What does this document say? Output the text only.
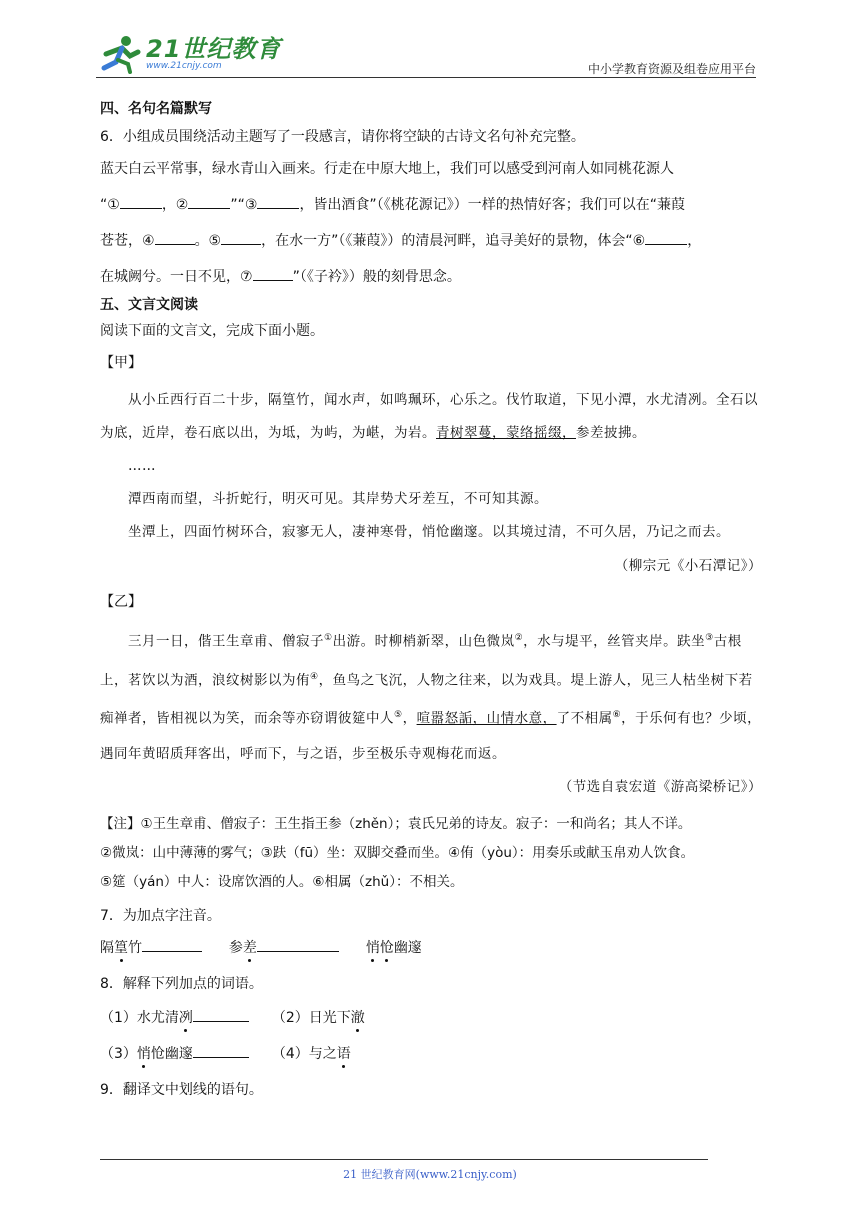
21世纪教育
www.21cnjy.com	中小学教育资源及组卷应用平台

四、名句名篇默写

6．小组成员围绕活动主题写了一段感言，请你将空缺的古诗文名句补充完整。

蓝天白云平常事，绿水青山入画来。行走在中原大地上，我们可以感受到河南人如同桃花源人

“①	，②	”“③	，皆出酒食”（《桃花源记》）一样的热情好客；我们可以在“蒹葭

苍苍，④	。⑤	，在水一方”（《蒹葭》）的清晨河畔，追寻美好的景物，体会“⑥	，

在城阙兮。一日不见，⑦	”（《子衿》）般的刻骨思念。

五、文言文阅读

阅读下面的文言文，完成下面小题。

【甲】

从小丘西行百二十步，隔篁竹，闻水声，如鸣珮环，心乐之。伐竹取道，下见小潭，水尤清冽。全石以为底，近岸，卷石底以出，为坻，为屿，为嵁，为岩。青树翠蔓，蒙络摇缀，参差披拂。

……

潭西南而望，斗折蛇行，明灭可见。其岸势犬牙差互，不可知其源。

坐潭上，四面竹树环合，寂寥无人，凄神寒骨，悄怆幽邃。以其境过清，不可久居，乃记之而去。

（柳宗元《小石潭记》）

【乙】

三月一日，偕王生章甫、僧寂子①出游。时柳梢新翠，山色微岚②，水与堤平，丝管夹岸。趺坐③古根上，茗饮以为酒，浪纹树影以为侑④，鱼鸟之飞沉，人物之往来，以为戏具。堤上游人，见三人枯坐树下若痴禅者，皆相视以为笑，而余等亦窃谓彼筵中人⑤，喧嚣怒詬，山情水意，了不相属⑥，于乐何有也？少顷，遇同年黄昭质拜客出，呼而下，与之语，步至极乐寺观梅花而返。

（节选自袁宏道《游高梁桥记》）

【注】①王生章甫、僧寂子：王生指王参（zhěn）；袁氏兄弟的诗友。寂子：一和尚名；其人不详。

②微岚：山中薄薄的雾气；③趺（fū）坐：双脚交叠而坐。④侑（yòu）：用奏乐或献玉帛劝人饮食。

⑤筵（yán）中人：设席饮酒的人。⑥相属（zhǔ）：不相关。

7．为加点字注音。

隔篁竹	参差	悄怆幽邃

8．解释下列加点的词语。

（1）水尤清冽	（2）日光下澈

（3）悄怆幽邃	（4）与之语

9．翻译文中划线的语句。

21 世纪教育网(www.21cnjy.com)
